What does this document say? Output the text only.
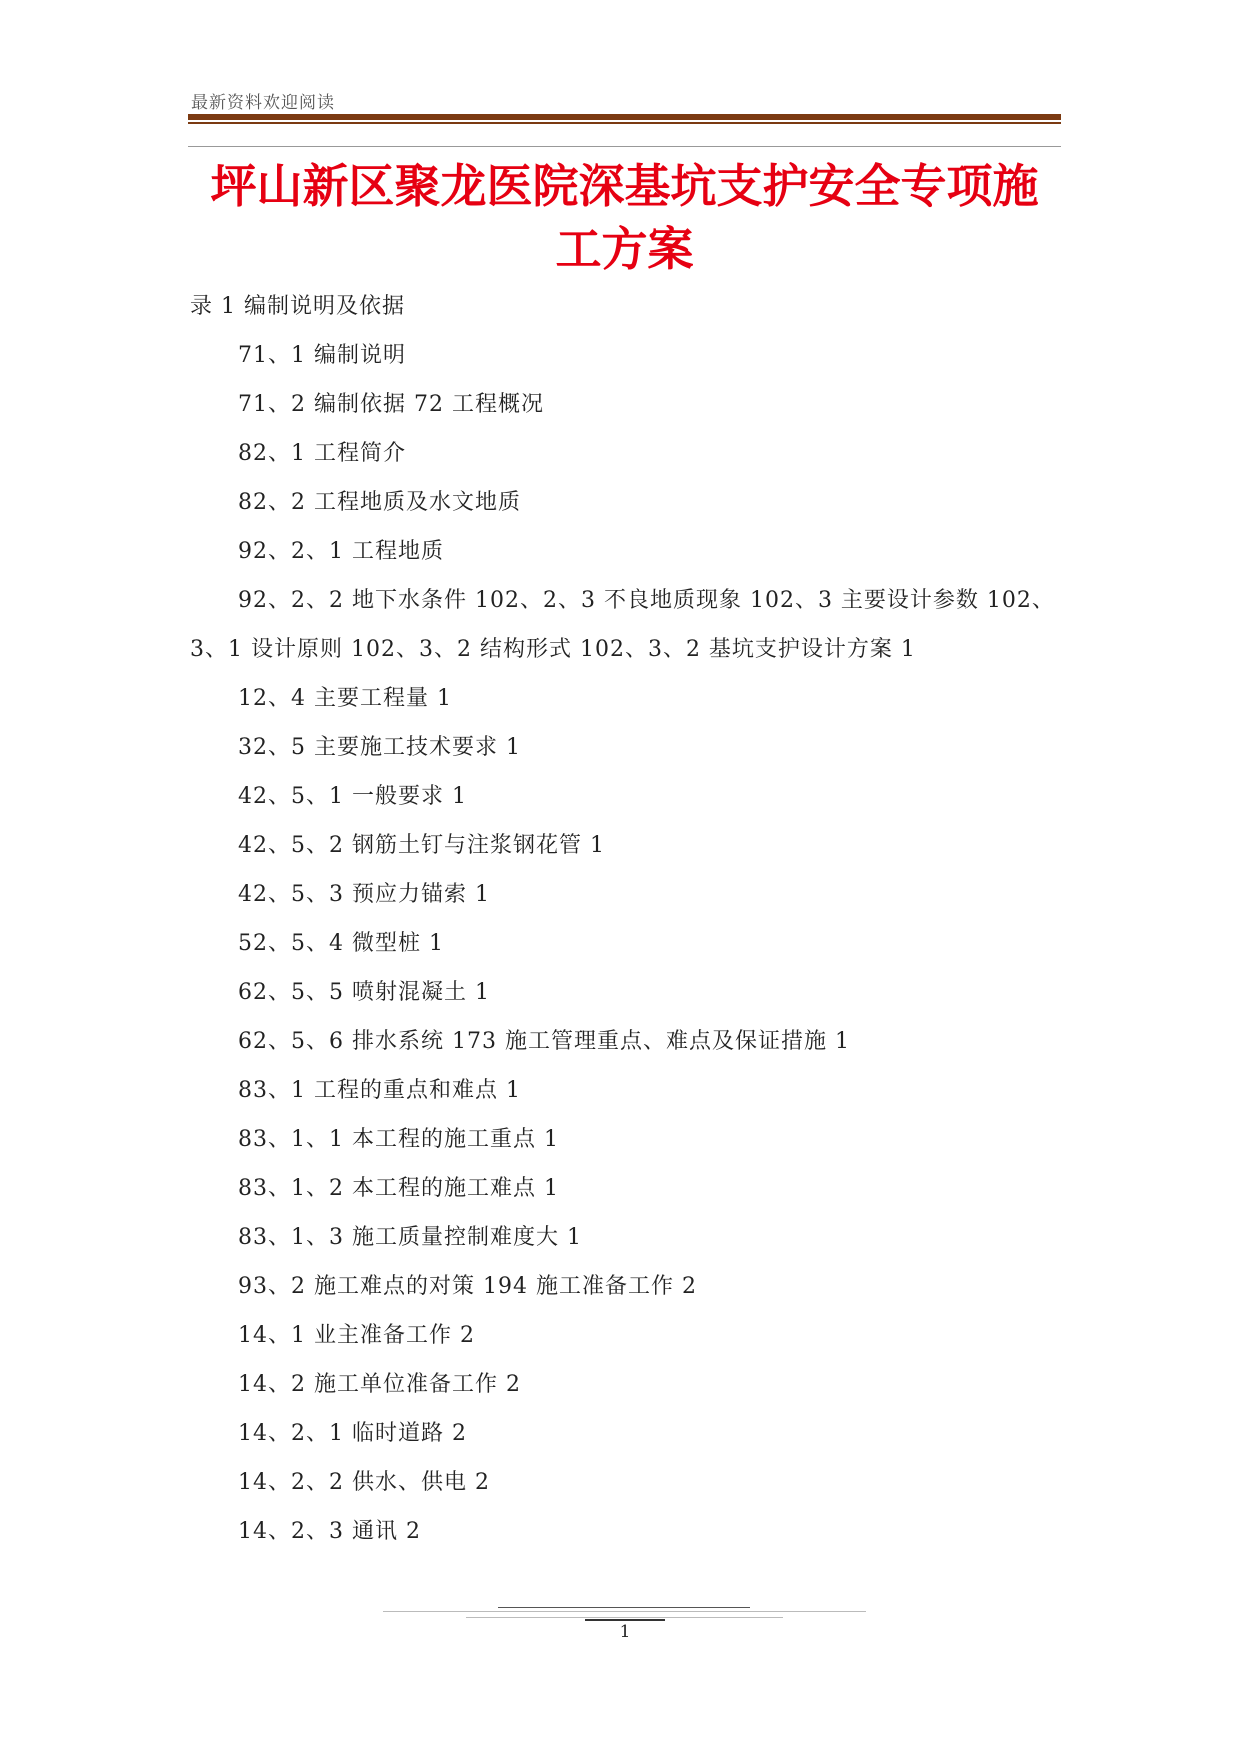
最新资料欢迎阅读
坪山新区聚龙医院深基坑支护安全专项施工方案
录 1 编制说明及依据
71、1 编制说明
71、2 编制依据 72 工程概况
82、1 工程简介
82、2 工程地质及水文地质
92、2、1 工程地质
92、2、2 地下水条件 102、2、3 不良地质现象 102、3 主要设计参数 102、
3、1 设计原则 102、3、2 结构形式 102、3、2 基坑支护设计方案 1
12、4 主要工程量 1
32、5 主要施工技术要求 1
42、5、1 一般要求 1
42、5、2 钢筋土钉与注浆钢花管 1
42、5、3 预应力锚索 1
52、5、4 微型桩 1
62、5、5 喷射混凝土 1
62、5、6 排水系统 173 施工管理重点、难点及保证措施 1
83、1 工程的重点和难点 1
83、1、1 本工程的施工重点 1
83、1、2 本工程的施工难点 1
83、1、3 施工质量控制难度大 1
93、2 施工难点的对策 194 施工准备工作 2
14、1 业主准备工作 2
14、2 施工单位准备工作 2
14、2、1 临时道路 2
14、2、2 供水、供电 2
14、2、3 通讯 2
1
